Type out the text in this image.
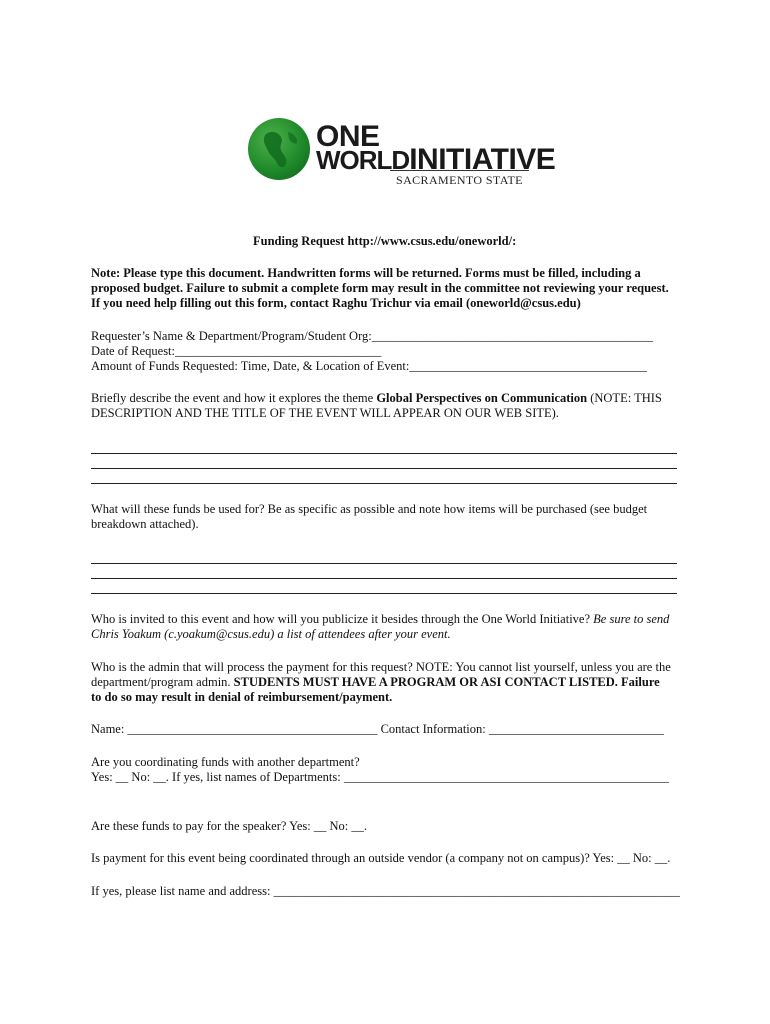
ONE
WORLDINITIATIVE
SACRAMENTO STATE
Funding Request http://www.csus.edu/oneworld/:
Note: Please type this document. Handwritten forms will be returned. Forms must be filled, including a
proposed budget. Failure to submit a complete form may result in the committee not reviewing your request.
If you need help filling out this form, contact Raghu Trichur via email (oneworld@csus.edu)
Requester’s Name & Department/Program/Student Org:_____________________________________________
Date of Request:_________________________________
Amount of Funds Requested: Time, Date, & Location of Event:______________________________________
Briefly describe the event and how it explores the theme Global Perspectives on Communication (NOTE: THIS
DESCRIPTION AND THE TITLE OF THE EVENT WILL APPEAR ON OUR WEB SITE).
What will these funds be used for? Be as specific as possible and note how items will be purchased (see budget
breakdown attached).
Who is invited to this event and how will you publicize it besides through the One World Initiative? Be sure to send
Chris Yoakum (c.yoakum@csus.edu) a list of attendees after your event.
Who is the admin that will process the payment for this request? NOTE: You cannot list yourself, unless you are the
department/program admin. STUDENTS MUST HAVE A PROGRAM OR ASI CONTACT LISTED. Failure
to do so may result in denial of reimbursement/payment.
Name: ________________________________________ Contact Information: ____________________________
Are you coordinating funds with another department?
Yes: __ No: __. If yes, list names of Departments: ____________________________________________________
Are these funds to pay for the speaker? Yes: __ No: __.
Is payment for this event being coordinated through an outside vendor (a company not on campus)? Yes: __ No: __.
If yes, please list name and address: _________________________________________________________________
